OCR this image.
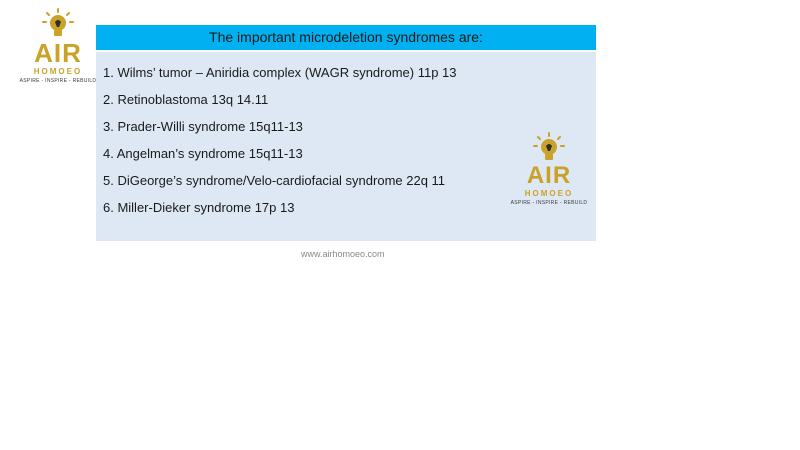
AIR
HOMOEO
ASPIRE - INSPIRE - REBUILD
The important microdeletion syndromes are:
1. Wilms’ tumor – Aniridia complex (WAGR syndrome) 11p 13
2. Retinoblastoma 13q 14.11
3. Prader-Willi syndrome 15q11-13
4. Angelman’s syndrome 15q11-13
5. DiGeorge’s syndrome/Velo-cardiofacial syndrome 22q 11
6. Miller-Dieker syndrome 17p 13
AIR
HOMOEO
ASPIRE - INSPIRE - REBUILD
www.airhomoeo.com
